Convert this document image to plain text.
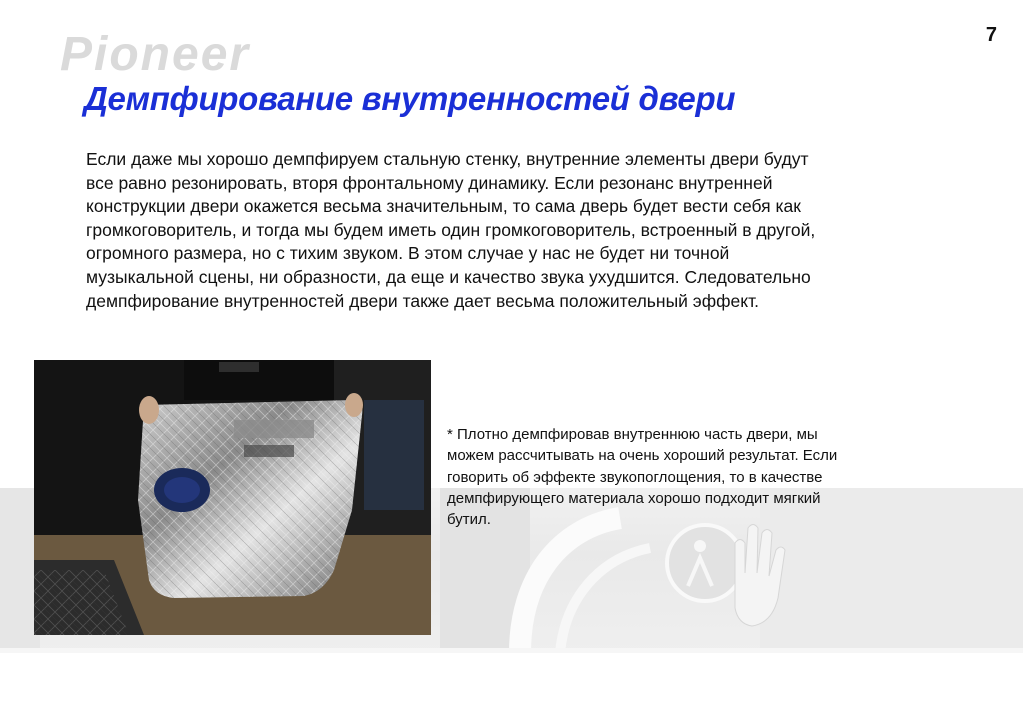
Pioneer	7
Демпфирование внутренностей двери

Если даже мы хорошо демпфируем стальную стенку, внутренние элементы двери будут
все равно резонировать, вторя фронтальному динамику. Если резонанс внутренней
конструкции двери окажется весьма значительным, то сама дверь будет вести себя как
громкоговоритель, и тогда мы будем иметь один громкоговоритель, встроенный в другой,
огромного размера, но с тихим звуком. В этом случае у нас не будет ни точной
музыкальной сцены, ни образности, да еще и качество звука ухудшится. Следовательно
демпфирование внутренностей двери также дает весьма положительный эффект.

* Плотно демпфировав внутреннюю часть двери, мы
можем рассчитывать на очень хороший результат. Если
говорить об эффекте звукопоглощения, то в качестве
демпфирующего материала хорошо подходит мягкий
бутил.
